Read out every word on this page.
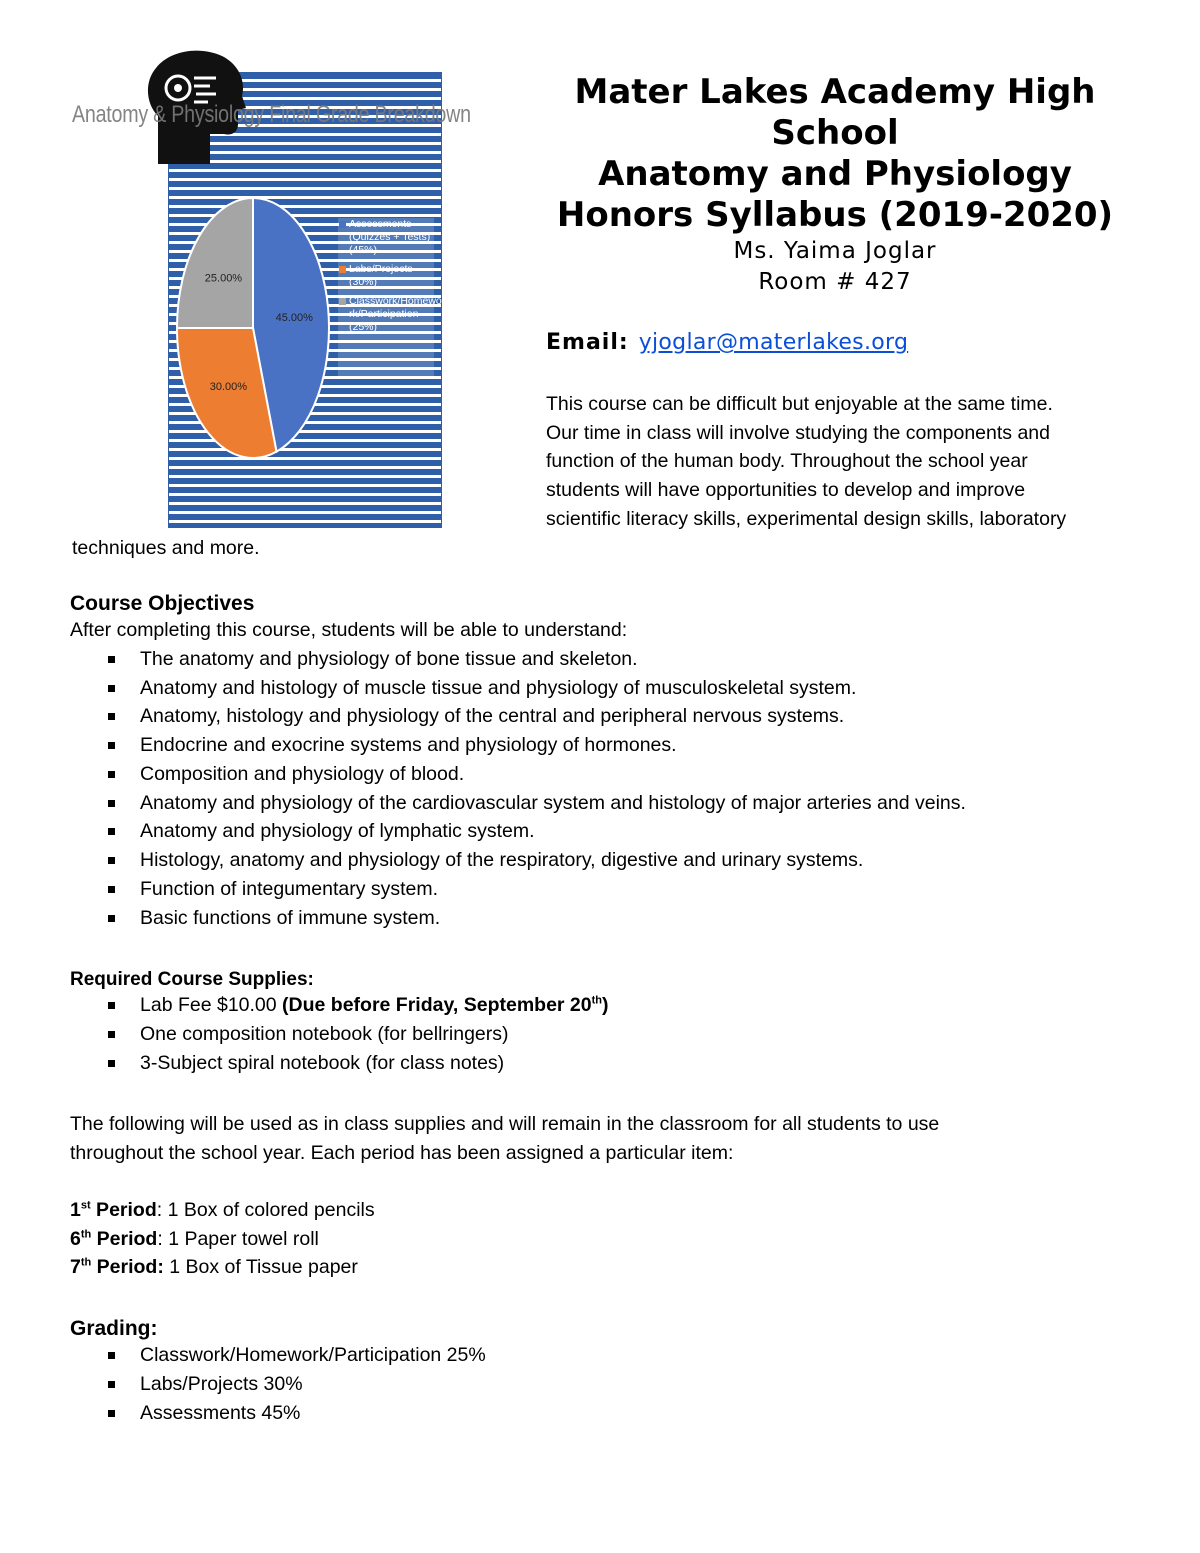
Mater Lakes Academy High
School
Anatomy and Physiology
Honors Syllabus (2019-2020)
Ms. Yaima Joglar
Room # 427
Email: yjoglar@materlakes.org
This course can be difficult but enjoyable at the same time.
Our time in class will involve studying the components and
function of the human body. Throughout the school year
students will have opportunities to develop and improve
scientific literacy skills, experimental design skills, laboratory
techniques and more.
45.00%
30.00%
25.00%
Anatomy & Physiology Final Grade Breakdown
Assessments
(Quizzes + Tests)
(45%)
Labs/Projects
(30%)
Classwork/Homewo
rk/Participation
(25%)
Course Objectives
After completing this course, students will be able to understand:
The anatomy and physiology of bone tissue and skeleton.
Anatomy and histology of muscle tissue and physiology of musculoskeletal system.
Anatomy, histology and physiology of the central and peripheral nervous systems.
Endocrine and exocrine systems and physiology of hormones.
Composition and physiology of blood.
Anatomy and physiology of the cardiovascular system and histology of major arteries and veins.
Anatomy and physiology of lymphatic system.
Histology, anatomy and physiology of the respiratory, digestive and urinary systems.
Function of integumentary system.
Basic functions of immune system.
Required Course Supplies:
Lab Fee $10.00 (Due before Friday, September 20th)
One composition notebook (for bellringers)
3-Subject spiral notebook (for class notes)
The following will be used as in class supplies and will remain in the classroom for all students to use
throughout the school year. Each period has been assigned a particular item:
1st Period: 1 Box of colored pencils
6th Period: 1 Paper towel roll
7th Period: 1 Box of Tissue paper
Grading:
Classwork/Homework/Participation 25%
Labs/Projects 30%
Assessments 45%
